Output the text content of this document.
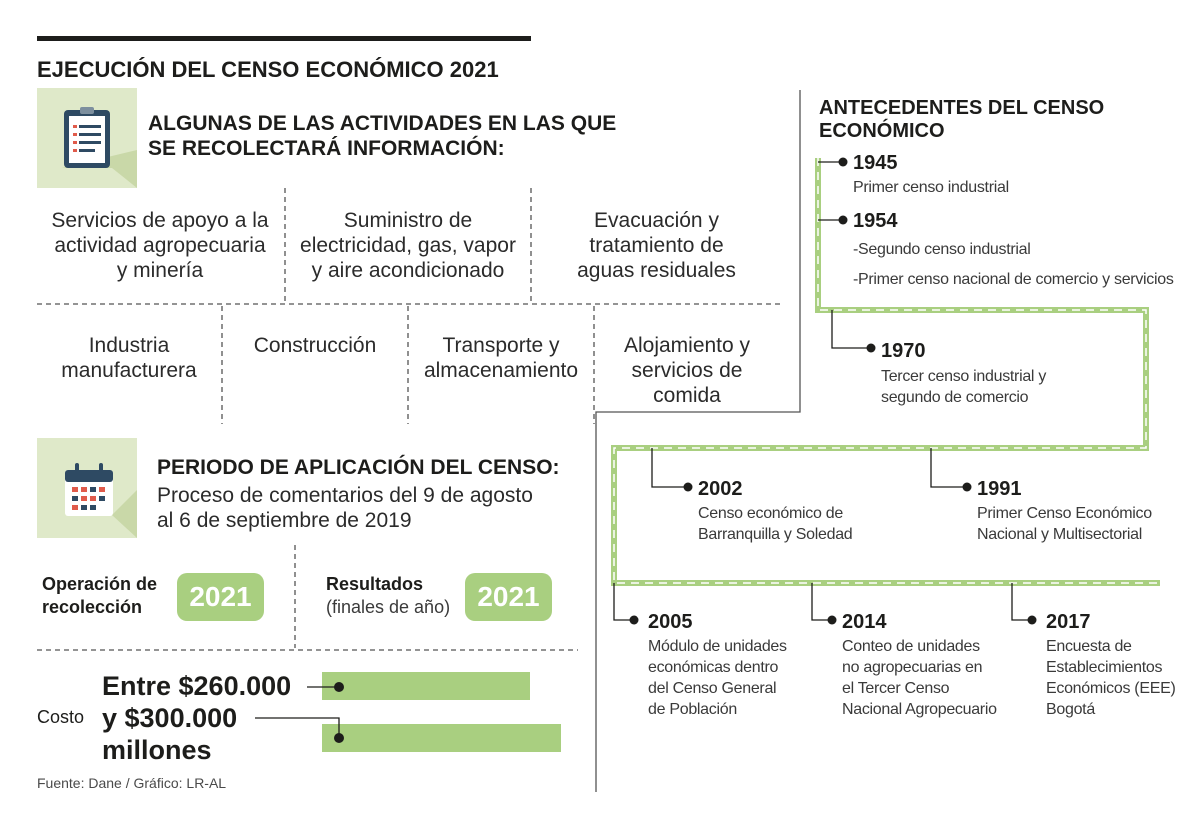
EJECUCIÓN DEL CENSO ECONÓMICO 2021
ALGUNAS DE LAS ACTIVIDADES EN LAS QUE
SE RECOLECTARÁ INFORMACIÓN:
Servicios de apoyo a la
actividad agropecuaria
y minería
Suministro de
electricidad, gas, vapor
y aire acondicionado
Evacuación y
tratamiento de
aguas residuales
Industria
manufacturera
Construcción	Transporte y
almacenamiento
Alojamiento y
servicios de
comida
PERIODO DE APLICACIÓN DEL CENSO:
Proceso de comentarios del 9 de agosto
al 6 de septiembre de 2019
Operación de
recolección	2021	Resultados
(finales de año) 2021
Costo
Entre $260.000
y $300.000
millones
Fuente: Dane / Gráfico: LR-AL
ANTECEDENTES DEL CENSO
ECONÓMICO
1945
Primer censo industrial
1954
-Segundo censo industrial
-Primer censo nacional de comercio y servicios
1970
Tercer censo industrial y
segundo de comercio
1991
Primer Censo Económico
Nacional y Multisectorial
2002
Censo económico de
Barranquilla y Soledad
2005
Módulo de unidades
económicas dentro
del Censo General
de Población
2014
Conteo de unidades
no agropecuarias en
el Tercer Censo
Nacional Agropecuario
2017
Encuesta de
Establecimientos
Económicos (EEE)
Bogotá
